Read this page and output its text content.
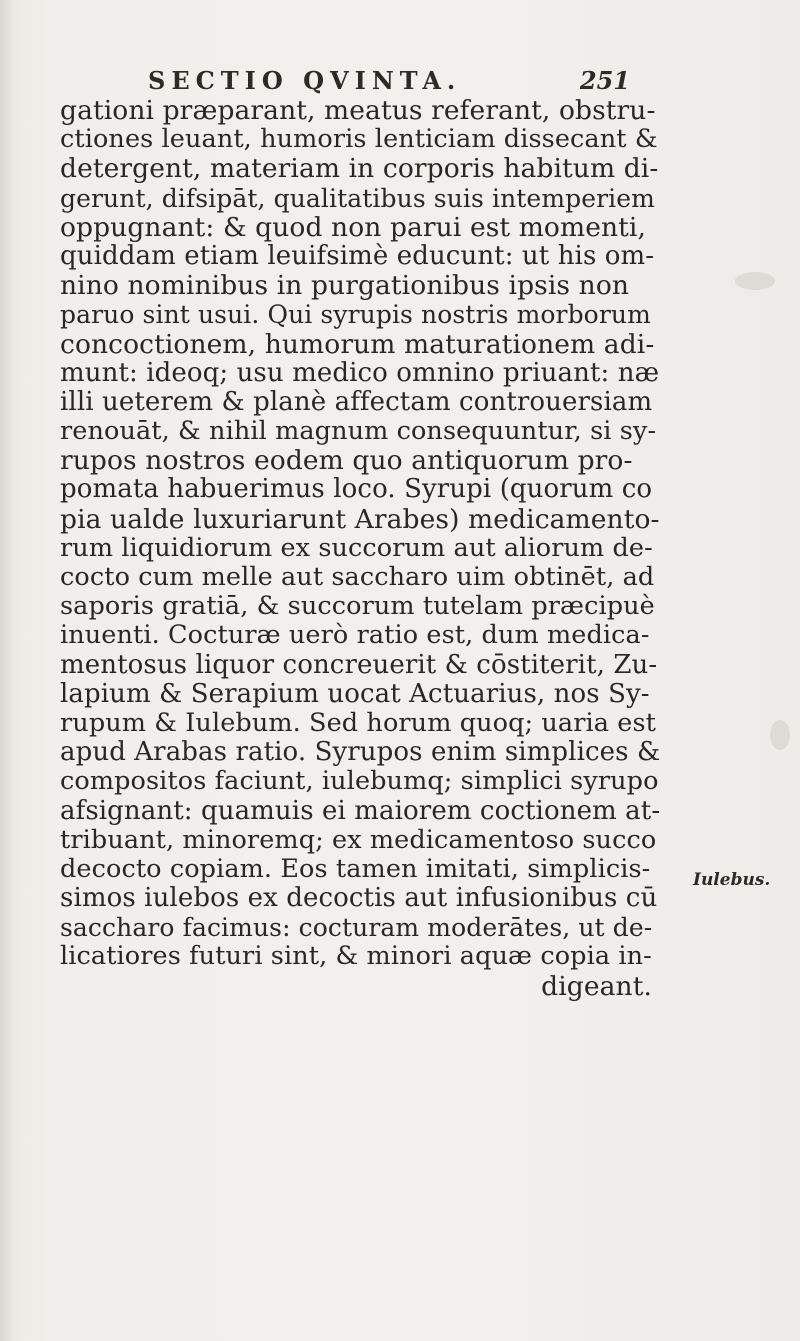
SECTIO QVINTA.	251
gationi præparant, meatus referant, obstru-
ctiones leuant, humoris lenticiam dissecant &
detergent, materiam in corporis habitum di-
gerunt, difsipāt, qualitatibus suis intemperiem
oppugnant: & quod non parui est momenti,
quiddam etiam leuifsimè educunt: ut his om-
nino nominibus in purgationibus ipsis non
paruo sint usui. Qui syrupis nostris morborum
concoctionem, humorum maturationem adi-
munt: ideoq; usu medico omnino priuant: næ
illi ueterem & planè affectam controuersiam
renouāt, & nihil magnum consequuntur, si sy-
rupos nostros eodem quo antiquorum pro-
pomata habuerimus loco. Syrupi (quorum co
pia ualde luxuriarunt Arabes) medicamento-
rum liquidiorum ex succorum aut aliorum de-
cocto cum melle aut saccharo uim obtinēt, ad
saporis gratiā, & succorum tutelam præcipuè
inuenti. Cocturæ uerò ratio est, dum medica-
mentosus liquor concreuerit & cōstiterit, Zu-
lapium & Serapium uocat Actuarius, nos Sy-
rupum & Iulebum. Sed horum quoq; uaria est
apud Arabas ratio. Syrupos enim simplices &
compositos faciunt, iulebumq; simplici syrupo
afsignant: quamuis ei maiorem coctionem at-
tribuant, minoremq; ex medicamentoso succo
decocto copiam. Eos tamen imitati, simplicis-
simos iulebos ex decoctis aut infusionibus cū
saccharo facimus: cocturam moderātes, ut de-
licatiores futuri sint, & minori aquæ copia in-
digeant.
Iulebus.
